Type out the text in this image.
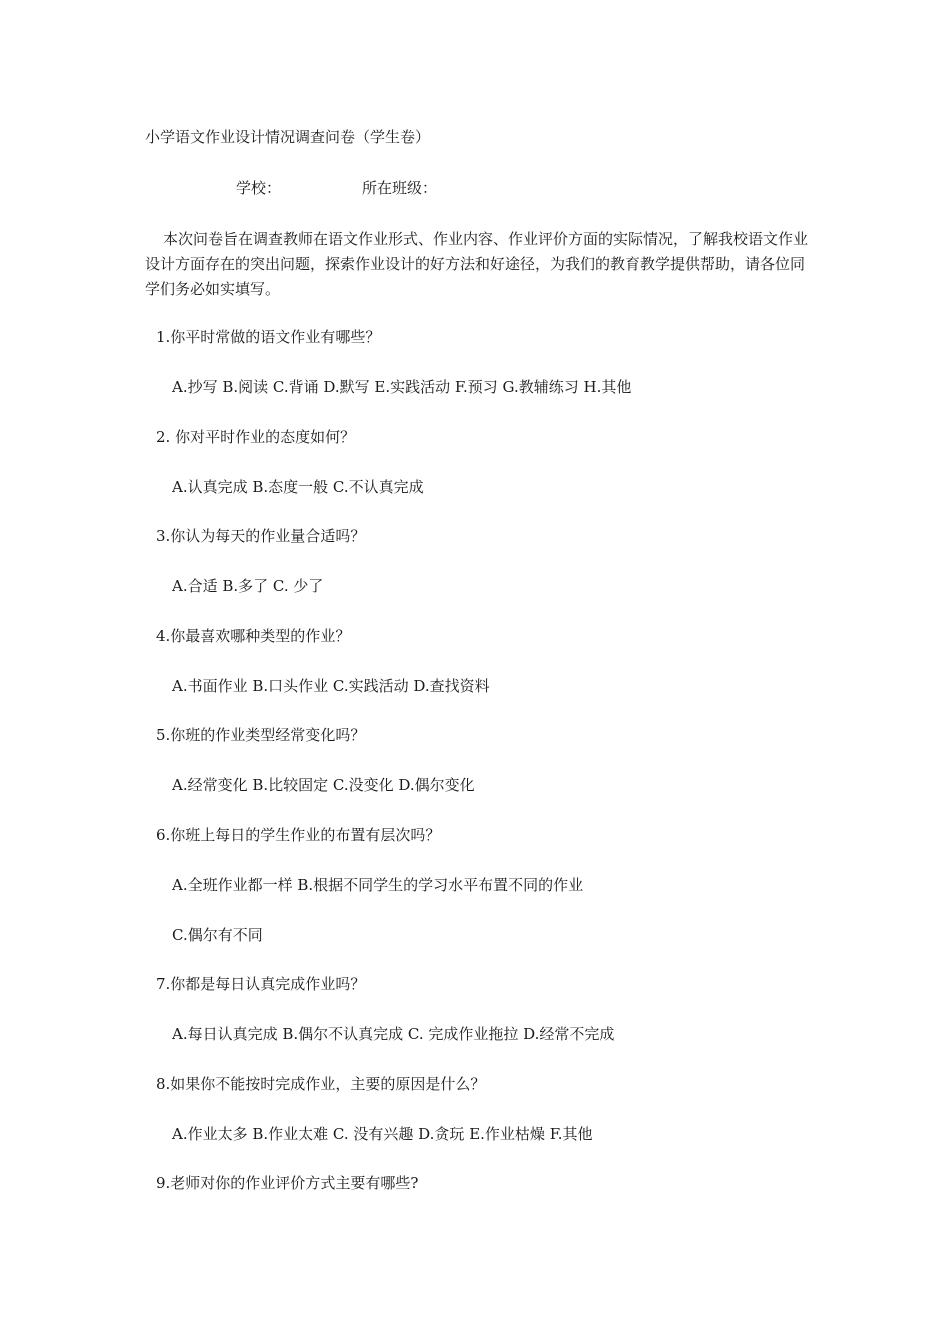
小学语文作业设计情况调查问卷（学生卷）
学校：	所在班级：
本次问卷旨在调查教师在语文作业形式、作业内容、作业评价方面的实际情况，了解我校语文作业设计方面存在的突出问题，探索作业设计的好方法和好途径，为我们的教育教学提供帮助，请各位同学们务必如实填写。
1.你平时常做的语文作业有哪些？
A.抄写 B.阅读 C.背诵 D.默写 E.实践活动 F.预习 G.教辅练习 H.其他
2. 你对平时作业的态度如何？
A.认真完成 B.态度一般 C.不认真完成
3.你认为每天的作业量合适吗？
A.合适 B.多了 C. 少了
4.你最喜欢哪种类型的作业？
A.书面作业 B.口头作业 C.实践活动 D.查找资料
5.你班的作业类型经常变化吗？
A.经常变化 B.比较固定 C.没变化 D.偶尔变化
6.你班上每日的学生作业的布置有层次吗？
A.全班作业都一样 B.根据不同学生的学习水平布置不同的作业
C.偶尔有不同
7.你都是每日认真完成作业吗？
A.每日认真完成 B.偶尔不认真完成 C. 完成作业拖拉 D.经常不完成
8.如果你不能按时完成作业，主要的原因是什么？
A.作业太多 B.作业太难 C. 没有兴趣 D.贪玩 E.作业枯燥 F.其他
9.老师对你的作业评价方式主要有哪些?
